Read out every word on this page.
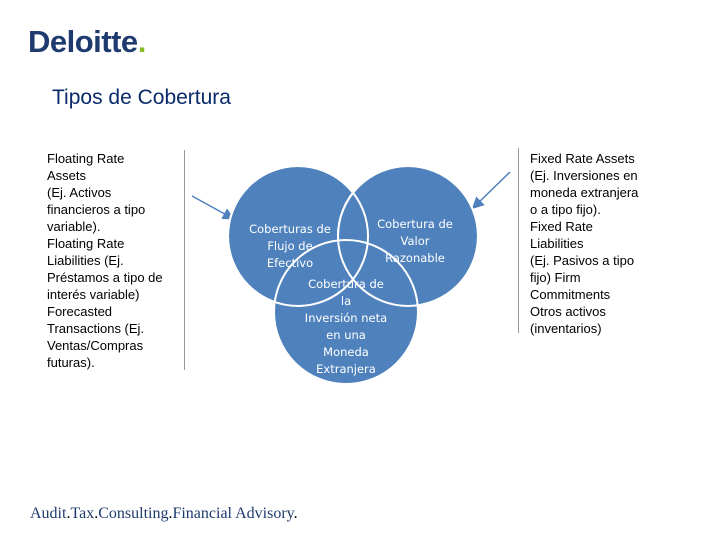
Deloitte.
Tipos de Cobertura
Floating Rate
Assets
(Ej. Activos
financieros a tipo
variable).
Floating Rate
Liabilities (Ej.
Préstamos a tipo de
interés variable)
Forecasted
Transactions (Ej.
Ventas/Compras
futuras).
Fixed Rate Assets
(Ej. Inversiones en
moneda extranjera
o a tipo fijo).
Fixed Rate
Liabilities
(Ej. Pasivos a tipo
fijo) Firm
Commitments
Otros activos
(inventarios)
Coberturas de
Flujo de
Efectivo
Cobertura de
Valor
Razonable
Cobertura de
la
Inversión neta
en una
Moneda
Extranjera
Audit.Tax.Consulting.Financial Advisory.
